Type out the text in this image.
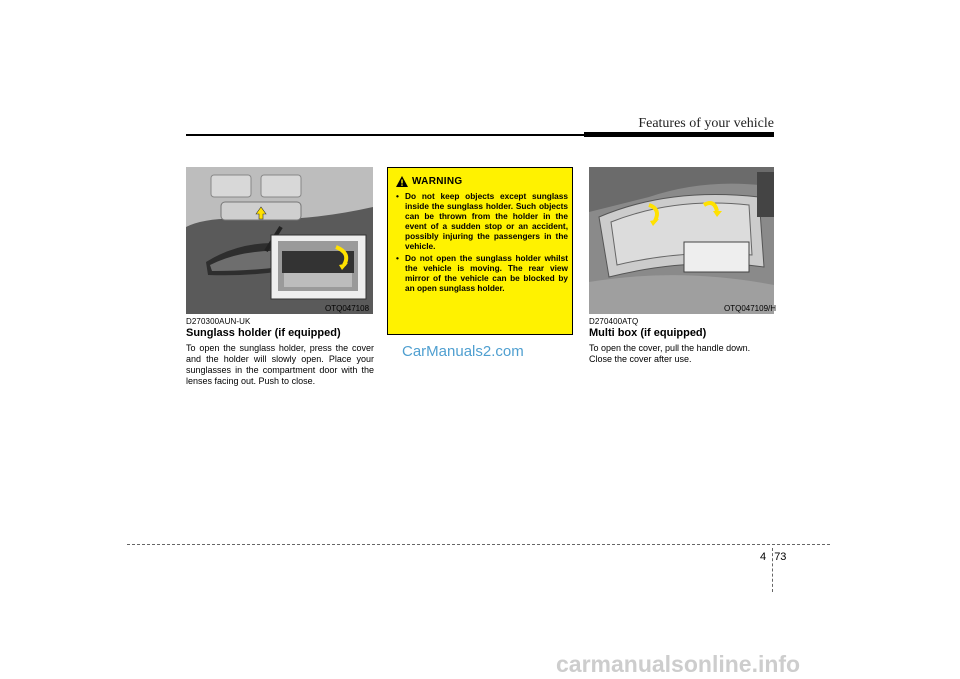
Features of your vehicle
OTQ047108
D270300AUN-UK
Sunglass holder (if equipped)
To open the sunglass holder, press the cover and the holder will slowly open. Place your sunglasses in the compartment door with the lenses facing out. Push to close.
WARNING
• Do not keep objects except sunglass inside the sunglass holder. Such objects can be thrown from the holder in the event of a sudden stop or an accident, possibly injuring the passengers in the vehicle.
• Do not open the sunglass holder whilst the vehicle is moving. The rear view mirror of the vehicle can be blocked by an open sunglass holder.
CarManuals2.com
OTQ047109/H
D270400ATQ
Multi box (if equipped)
To open the cover, pull the handle down. Close the cover after use.
4 73
carmanualsonline.info
